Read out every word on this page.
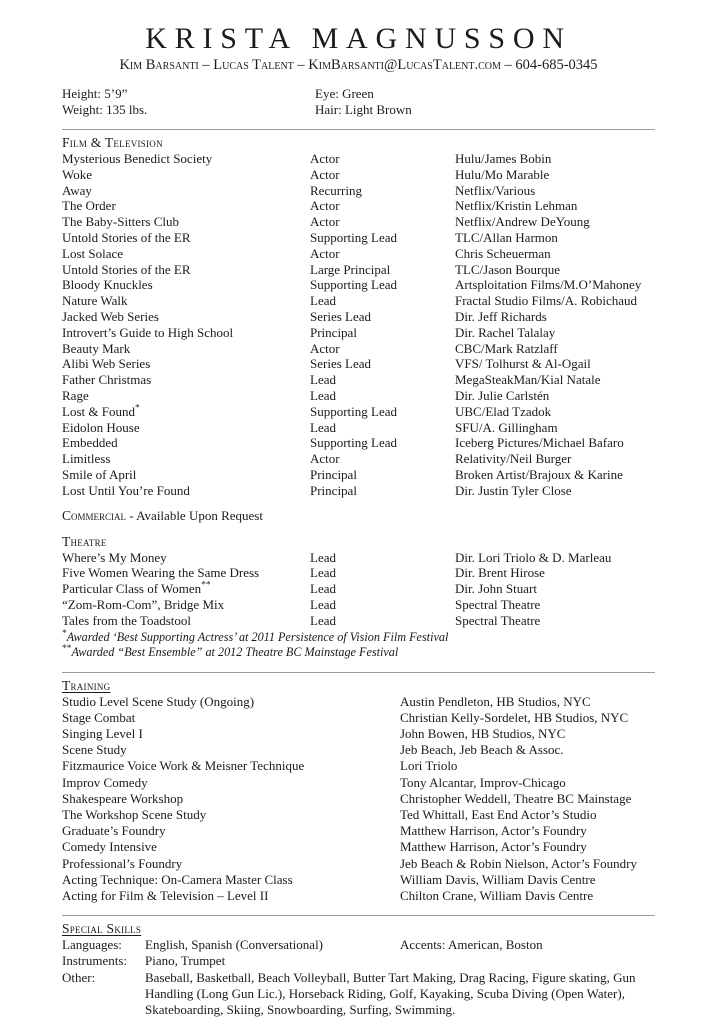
KRISTA MAGNUSSON
Kim Barsanti – Lucas Talent – KimBarsanti@LucasTalent.com – 604-685-0345
Height: 5’9”	Eye: Green
Weight: 135 lbs.	Hair: Light Brown
Film & Television
Mysterious Benedict Society	Actor	Hulu/James Bobin
Woke	Actor	Hulu/Mo Marable
Away	Recurring	Netflix/Various
The Order	Actor	Netflix/Kristin Lehman
The Baby-Sitters Club	Actor	Netflix/Andrew DeYoung
Untold Stories of the ER	Supporting Lead	TLC/Allan Harmon
Lost Solace	Actor	Chris Scheuerman
Untold Stories of the ER	Large Principal	TLC/Jason Bourque
Bloody Knuckles	Supporting Lead	Artsploitation Films/M.O’Mahoney
Nature Walk	Lead	Fractal Studio Films/A. Robichaud
Jacked Web Series	Series Lead	Dir. Jeff Richards
Introvert’s Guide to High School	Principal	Dir. Rachel Talalay
Beauty Mark	Actor	CBC/Mark Ratzlaff
Alibi Web Series	Series Lead	VFS/ Tolhurst & Al-Ogail
Father Christmas	Lead	MegaSteakMan/Kial Natale
Rage	Lead	Dir. Julie Carlstén
Lost & Found*	Supporting Lead	UBC/Elad Tzadok
Eidolon House	Lead	SFU/A. Gillingham
Embedded	Supporting Lead	Iceberg Pictures/Michael Bafaro
Limitless	Actor	Relativity/Neil Burger
Smile of April	Principal	Broken Artist/Brajoux & Karine
Lost Until You’re Found	Principal	Dir. Justin Tyler Close

Commercial - Available Upon Request

Theatre
Where’s My Money	Lead	Dir. Lori Triolo & D. Marleau
Five Women Wearing the Same Dress	Lead	Dir. Brent Hirose
Particular Class of Women**	Lead	Dir. John Stuart
“Zom-Rom-Com”, Bridge Mix	Lead	Spectral Theatre
Tales from the Toadstool	Lead	Spectral Theatre
*Awarded ‘Best Supporting Actress’ at 2011 Persistence of Vision Film Festival
**Awarded “Best Ensemble” at 2012 Theatre BC Mainstage Festival
Training
Studio Level Scene Study (Ongoing)	Austin Pendleton, HB Studios, NYC
Stage Combat	Christian Kelly-Sordelet, HB Studios, NYC
Singing Level I	John Bowen, HB Studios, NYC
Scene Study	Jeb Beach, Jeb Beach & Assoc.
Fitzmaurice Voice Work & Meisner Technique	Lori Triolo
Improv Comedy	Tony Alcantar, Improv-Chicago
Shakespeare Workshop	Christopher Weddell, Theatre BC Mainstage
The Workshop Scene Study	Ted Whittall, East End Actor’s Studio
Graduate’s Foundry	Matthew Harrison, Actor’s Foundry
Comedy Intensive	Matthew Harrison, Actor’s Foundry
Professional’s Foundry	Jeb Beach & Robin Nielson, Actor’s Foundry
Acting Technique: On-Camera Master Class	William Davis, William Davis Centre
Acting for Film & Television – Level II	Chilton Crane, William Davis Centre
Special Skills
Languages:	English, Spanish (Conversational)	Accents: American, Boston
Instruments:	Piano, Trumpet
Other:	Baseball, Basketball, Beach Volleyball, Butter Tart Making, Drag Racing, Figure skating, Gun Handling (Long Gun Lic.), Horseback Riding, Golf, Kayaking, Scuba Diving (Open Water), Skateboarding, Skiing, Snowboarding, Surfing, Swimming.
